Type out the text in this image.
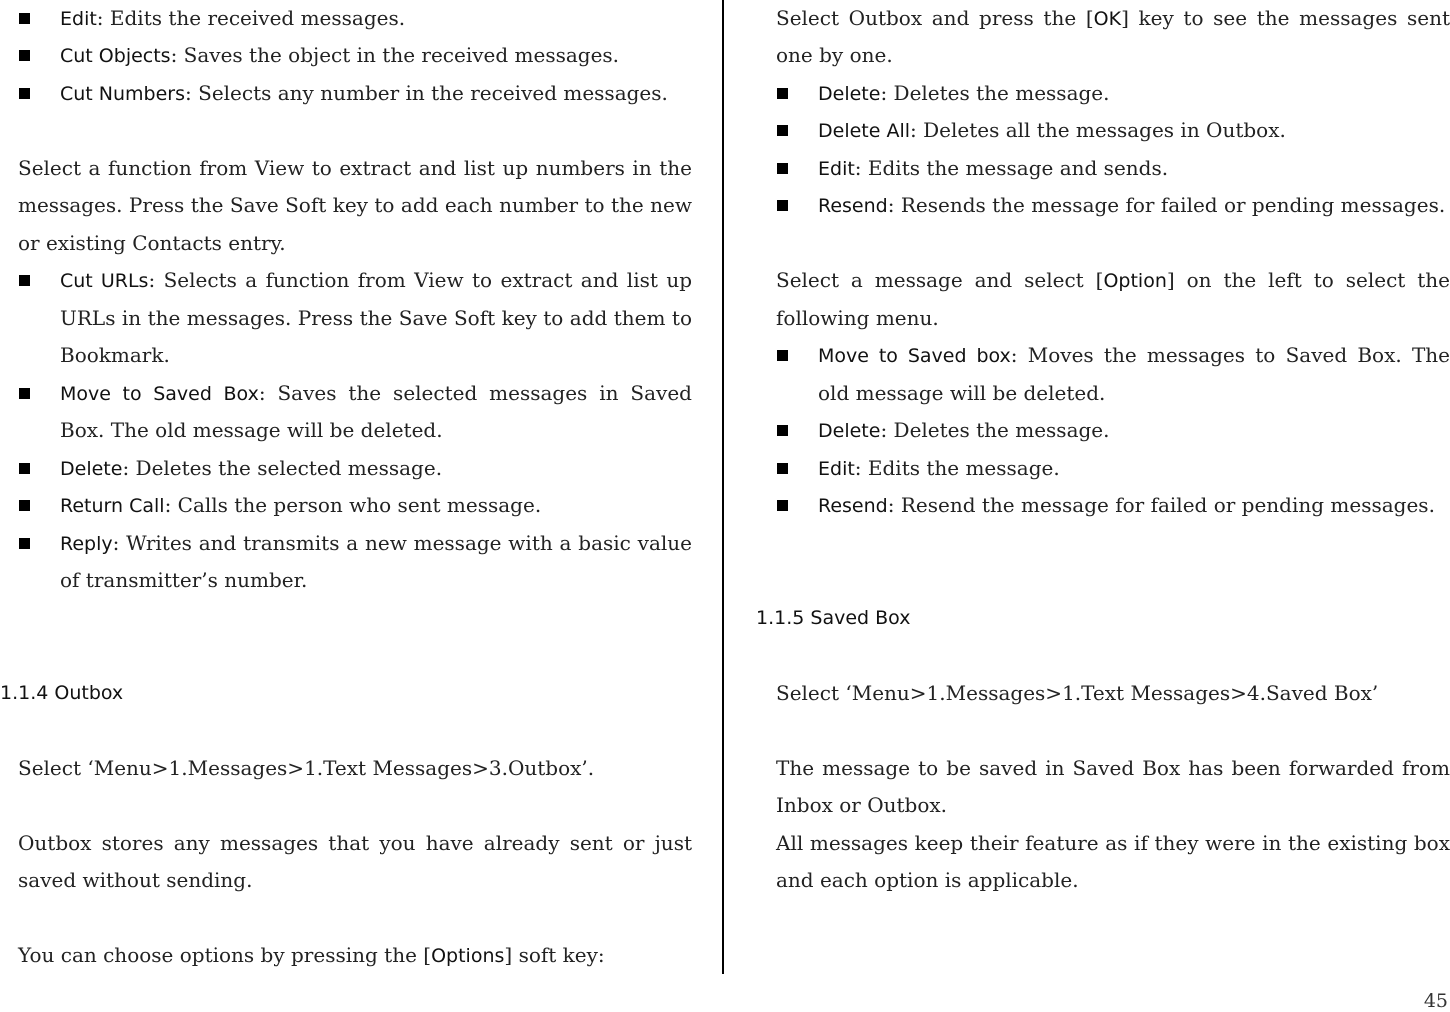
Edit: Edits the received messages.
Cut Objects: Saves the object in the received messages.
Cut Numbers: Selects any number in the received messages.
Select a function from View to extract and list up numbers in the
messages. Press the Save Soft key to add each number to the new
or existing Contacts entry.
Cut URLs: Selects a function from View to extract and list up
URLs in the messages. Press the Save Soft key to add them to
Bookmark.
Move to Saved Box: Saves the selected messages in Saved
Box. The old message will be deleted.
Delete: Deletes the selected message.
Return Call: Calls the person who sent message.
Reply: Writes and transmits a new message with a basic value
of transmitter’s number.
1.1.4 Outbox
Select ‘Menu>1.Messages>1.Text Messages>3.Outbox’.
Outbox stores any messages that you have already sent or just
saved without sending.
You can choose options by pressing the [Options] soft key:
Select Outbox and press the [OK] key to see the messages sent
one by one.
Delete: Deletes the message.
Delete All: Deletes all the messages in Outbox.
Edit: Edits the message and sends.
Resend: Resends the message for failed or pending messages.
Select a message and select [Option] on the left to select the
following menu.
Move to Saved box: Moves the messages to Saved Box. The
old message will be deleted.
Delete: Deletes the message.
Edit: Edits the message.
Resend: Resend the message for failed or pending messages.
1.1.5 Saved Box
Select ‘Menu>1.Messages>1.Text Messages>4.Saved Box’
The message to be saved in Saved Box has been forwarded from
Inbox or Outbox.
All messages keep their feature as if they were in the existing box
and each option is applicable.
45
